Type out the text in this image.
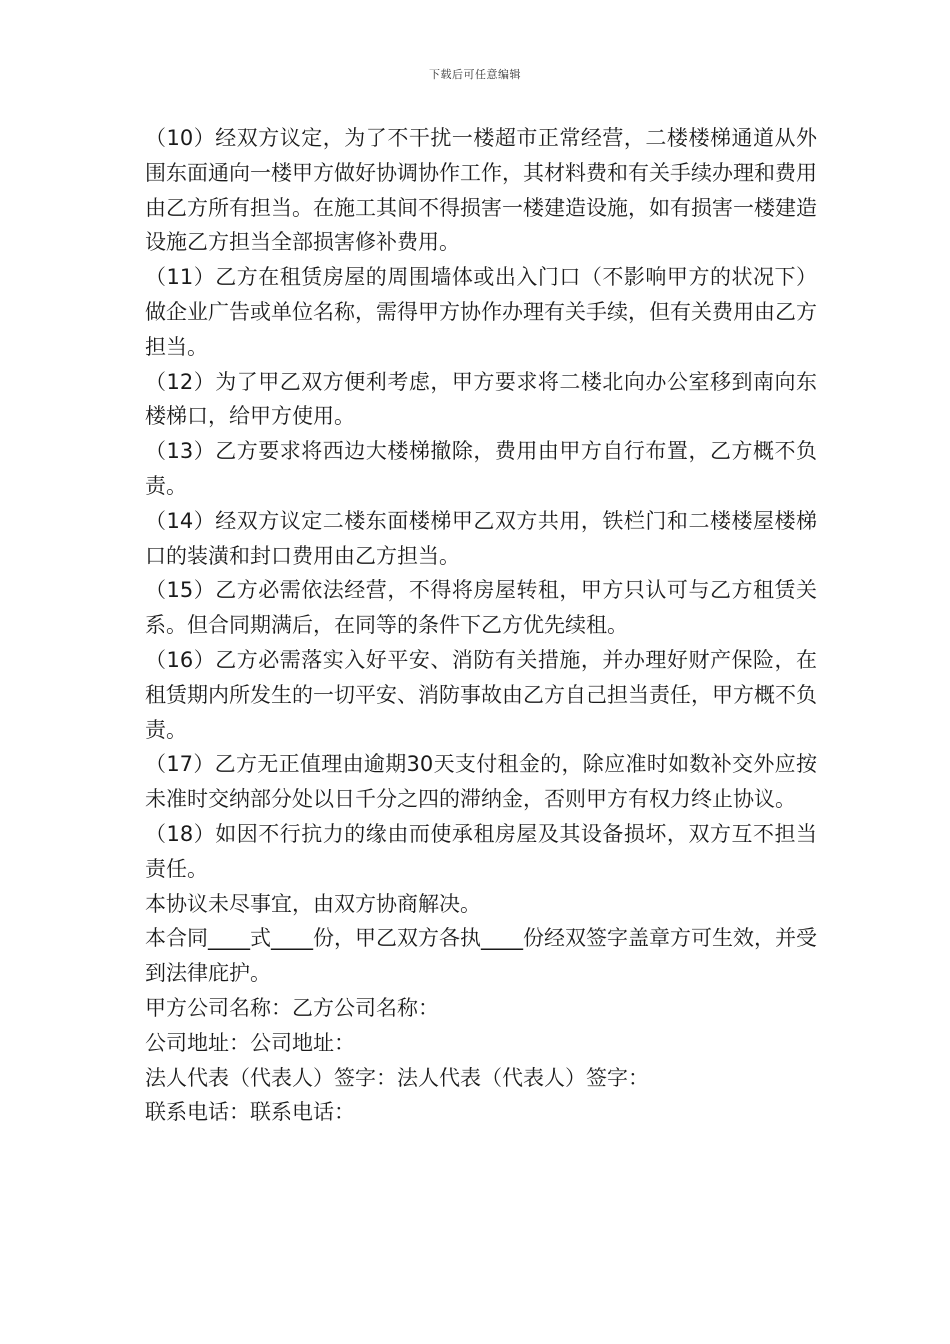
下载后可任意编辑

（10）经双方议定，为了不干扰一楼超市正常经营，二楼楼梯通道从外围东面通向一楼甲方做好协调协作工作，其材料费和有关手续办理和费用由乙方所有担当。在施工其间不得损害一楼建造设施，如有损害一楼建造设施乙方担当全部损害修补费用。

（11）乙方在租赁房屋的周围墙体或出入门口（不影响甲方的状况下）做企业广告或单位名称，需得甲方协作办理有关手续，但有关费用由乙方担当。

（12）为了甲乙双方便利考虑，甲方要求将二楼北向办公室移到南向东楼梯口，给甲方使用。

（13）乙方要求将西边大楼梯撤除，费用由甲方自行布置，乙方概不负责。

（14）经双方议定二楼东面楼梯甲乙双方共用，铁栏门和二楼楼屋楼梯口的装潢和封口费用由乙方担当。

（15）乙方必需依法经营，不得将房屋转租，甲方只认可与乙方租赁关系。但合同期满后，在同等的条件下乙方优先续租。

（16）乙方必需落实入好平安、消防有关措施，并办理好财产保险，在租赁期内所发生的一切平安、消防事故由乙方自己担当责任，甲方概不负责。

（17）乙方无正值理由逾期30天支付租金的，除应准时如数补交外应按未准时交纳部分处以日千分之四的滞纳金，否则甲方有权力终止协议。

（18）如因不行抗力的缘由而使承租房屋及其设备损坏，双方互不担当责任。

本协议未尽事宜，由双方协商解决。

本合同____式____份，甲乙双方各执____份经双签字盖章方可生效，并受到法律庇护。

甲方公司名称：乙方公司名称：

公司地址：公司地址：

法人代表（代表人）签字：法人代表（代表人）签字：

联系电话：联系电话：
